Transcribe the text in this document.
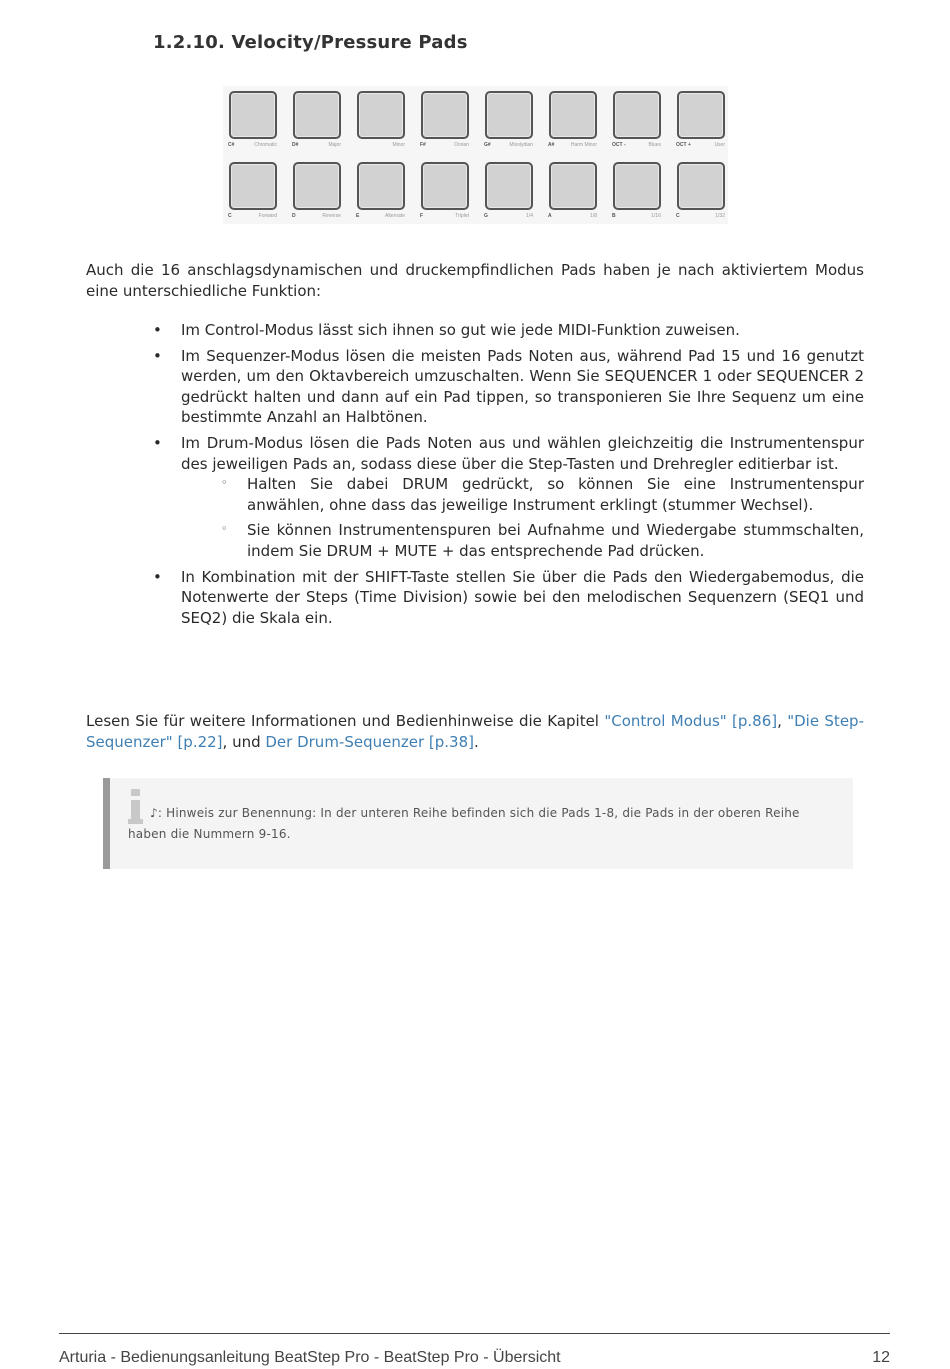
1.2.10. Velocity/Pressure Pads
C#	Chromatic	D#	Major	Minor	F#	Dorian	G#	Mixolydian	A#	Harm Minor	OCT -	Blues	OCT +	User
C	Forward	D	Reverse	E	Alternate	F	Triplet	G	1/4	A	1/8	B	1/16	C	1/32
Auch die 16 anschlagsdynamischen und druckempfindlichen Pads haben je nach aktiviertem Modus eine unterschiedliche Funktion:
• Im Control-Modus lässt sich ihnen so gut wie jede MIDI-Funktion zuweisen.
• Im Sequenzer-Modus lösen die meisten Pads Noten aus, während Pad 15 und 16 genutzt werden, um den Oktavbereich umzuschalten. Wenn Sie SEQUENCER 1 oder SEQUENCER 2 gedrückt halten und dann auf ein Pad tippen, so transponieren Sie Ihre Sequenz um eine bestimmte Anzahl an Halbtönen.
• Im Drum-Modus lösen die Pads Noten aus und wählen gleichzeitig die Instrumentenspur des jeweiligen Pads an, sodass diese über die Step-Tasten und Drehregler editierbar ist.
◦ Halten Sie dabei DRUM gedrückt, so können Sie eine Instrumentenspur anwählen, ohne dass das jeweilige Instrument erklingt (stummer Wechsel).
◦ Sie können Instrumentenspuren bei Aufnahme und Wiedergabe stummschalten, indem Sie DRUM + MUTE + das entsprechende Pad drücken.
• In Kombination mit der SHIFT-Taste stellen Sie über die Pads den Wiedergabemodus, die Notenwerte der Steps (Time Division) sowie bei den melodischen Sequenzern (SEQ1 und SEQ2) die Skala ein.
Lesen Sie für weitere Informationen und Bedienhinweise die Kapitel "Control Modus" [p.86], "Die Step-Sequenzer" [p.22], und Der Drum-Sequenzer [p.38].
♪: Hinweis zur Benennung: In der unteren Reihe befinden sich die Pads 1-8, die Pads in der oberen Reihe haben die Nummern 9-16.
Arturia - Bedienungsanleitung BeatStep Pro - BeatStep Pro - Übersicht	12
